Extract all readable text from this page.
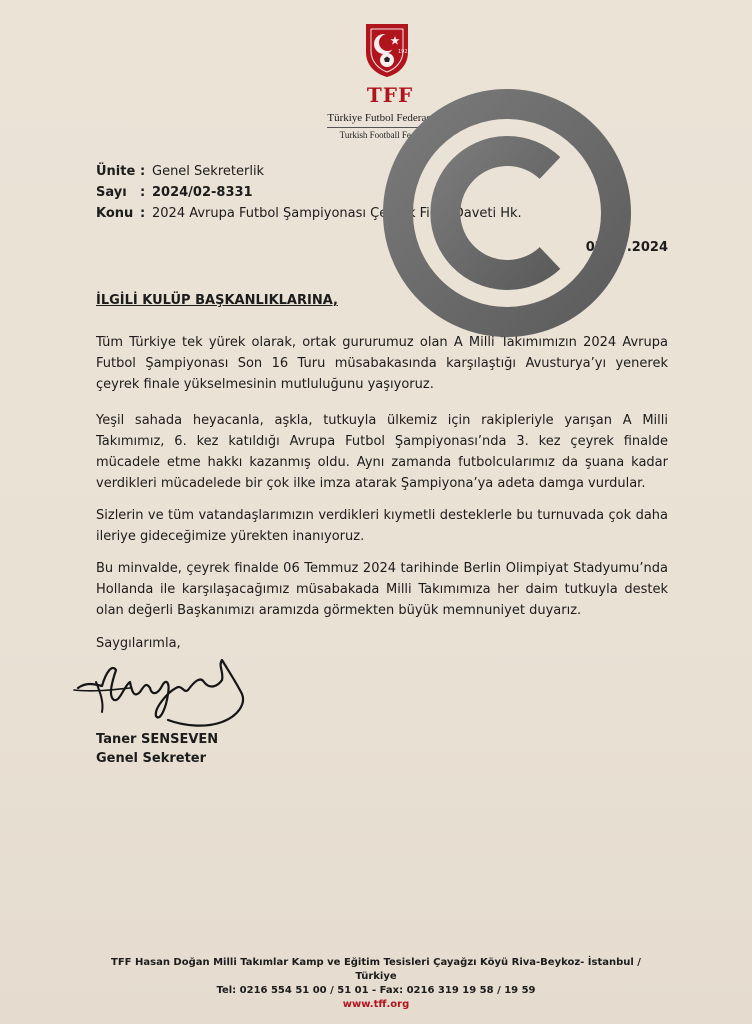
1923
TFF
Türkiye Futbol Federasyonu
Turkish Football Federation
Ünite : Genel Sekreterlik
Sayı	: 2024/02-8331
Konu : 2024 Avrupa Futbol Şampiyonası Çeyrek Final Daveti Hk.
02.07.2024
İLGİLİ KULÜP BAŞKANLIKLARINA,
Tüm Türkiye tek yürek olarak, ortak gururumuz olan A Milli Takımımızın 2024 Avrupa Futbol Şampiyonası Son 16 Turu müsabakasında karşılaştığı Avusturya’yı yenerek çeyrek finale yükselmesinin mutluluğunu yaşıyoruz.
Yeşil sahada heyacanla, aşkla, tutkuyla ülkemiz için rakipleriyle yarışan A Milli Takımımız, 6. kez katıldığı Avrupa Futbol Şampiyonası’nda 3. kez çeyrek finalde mücadele etme hakkı kazanmış oldu. Aynı zamanda futbolcularımız da şuana kadar verdikleri mücadelede bir çok ilke imza atarak Şampiyona’ya adeta damga vurdular.
Sizlerin ve tüm vatandaşlarımızın verdikleri kıymetli desteklerle bu turnuvada çok daha ileriye gideceğimize yürekten inanıyoruz.
Bu minvalde, çeyrek finalde 06 Temmuz 2024 tarihinde Berlin Olimpiyat Stadyumu’nda Hollanda ile karşılaşacağımız müsabakada Milli Takımımıza her daim tutkuyla destek olan değerli Başkanımızı aramızda görmekten büyük memnuniyet duyarız.
Saygılarımla,
Taner SENSEVEN
Genel Sekreter
TFF Hasan Doğan Milli Takımlar Kamp ve Eğitim Tesisleri Çayağzı Köyü Riva-Beykoz- İstanbul / Türkiye
Tel: 0216 554 51 00 / 51 01 - Fax: 0216 319 19 58 / 19 59
www.tff.org
